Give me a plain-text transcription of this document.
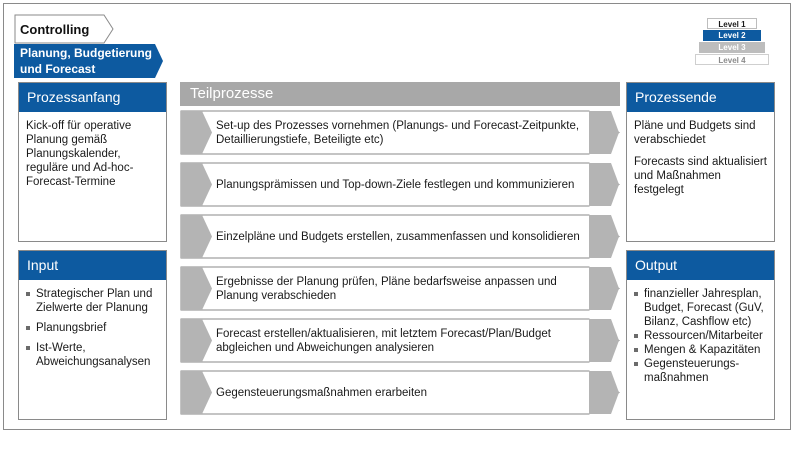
Controlling
Planung, Budgetierung
und Forecast
Level 1
Level 2
Level 3
Level 4
Prozessanfang

Kick-off für operative Planung gemäß Planungskalender, reguläre und Ad-hoc-Forecast-Termine

Input
Strategischer Plan und Zielwerte der Planung
Planungsbrief
Ist-Werte, Abweichungsanalysen
Teilprozesse
Set-up des Prozesses vornehmen (Planungs- und Forecast-Zeitpunkte, Detaillierungstiefe, Beteiligte etc)
Planungsprämissen und Top-down-Ziele festlegen und kommunizieren
Einzelpläne und Budgets erstellen, zusammenfassen und konsolidieren
Ergebnisse der Planung prüfen, Pläne bedarfsweise anpassen und Planung verabschieden
Forecast erstellen/aktualisieren, mit letztem Forecast/Plan/Budget abgleichen und Abweichungen analysieren
Gegensteuerungsmaßnahmen erarbeiten
Prozessende

Pläne und Budgets sind verabschiedet

Forecasts sind aktualisiert und Maßnahmen festgelegt

Output
finanzieller Jahresplan, Budget, Forecast (GuV, Bilanz, Cashflow etc)
Ressourcen/Mitarbeiter
Mengen & Kapazitäten
Gegensteuerungs-maßnahmen
